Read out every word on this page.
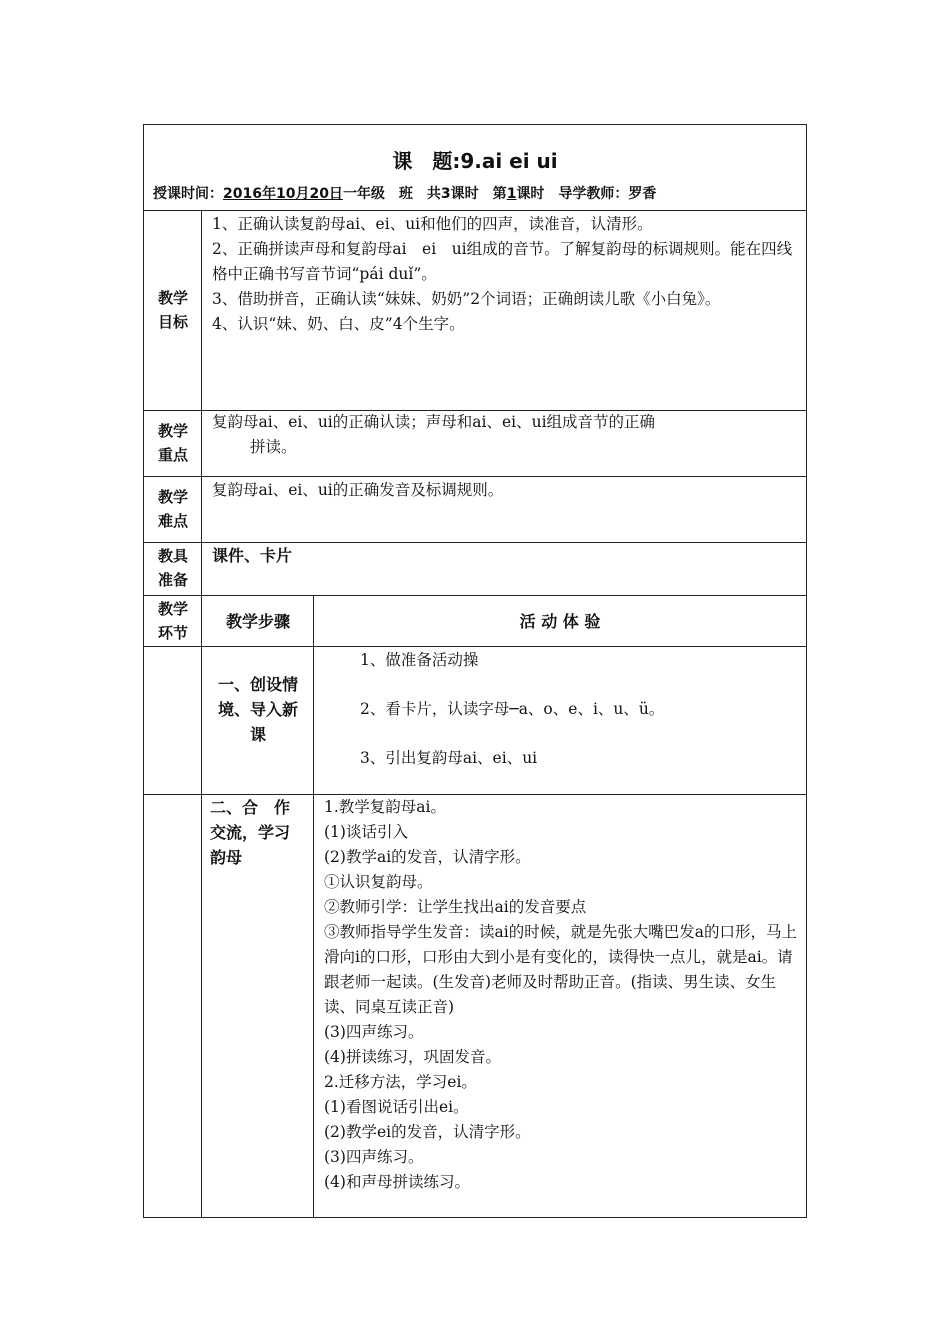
课　题:9.ai ei ui
授课时间：2016年10月20日一年级　班　共3课时　第1课时　导学教师：罗香
教学
目标

1、正确认读复韵母ai、ei、ui和他们的四声，读准音，认清形。

2、正确拼读声母和复韵母ai　ei　ui组成的音节。了解复韵母的标调规则。能在四线格中正确书写音节词“pái duǐ”。

3、借助拼音，正确认读“妹妹、奶奶”2个词语；正确朗读儿歌《小白兔》。

4、认识“妹、奶、白、皮”4个生字。

教学
重点

复韵母ai、ei、ui的正确认读；声母和ai、ei、ui组成音节的正确

拼读。

教学
难点
复韵母ai、ei、ui的正确发音及标调规则。
教具
准备
课件、卡片
教学
环节
教学步骤	活 动 体 验
一、创设情
境、导入新
课

1、做准备活动操

2、看卡片，认读字母─a、o、e、i、u、ü。

3、引出复韵母ai、ei、ui

二、合　作
交流，学习
韵母

1.教学复韵母ai。

(1)谈话引入

(2)教学ai的发音，认清字形。

①认识复韵母。

②教师引学：让学生找出ai的发音要点

③教师指导学生发音：读ai的时候，就是先张大嘴巴发a的口形，马上滑向i的口形，口形由大到小是有变化的，读得快一点儿，就是ai。请跟老师一起读。(生发音)老师及时帮助正音。(指读、男生读、女生读、同桌互读正音)

(3)四声练习。

(4)拼读练习，巩固发音。

2.迁移方法，学习ei。

(1)看图说话引出ei。

(2)教学ei的发音，认清字形。

(3)四声练习。

(4)和声母拼读练习。
